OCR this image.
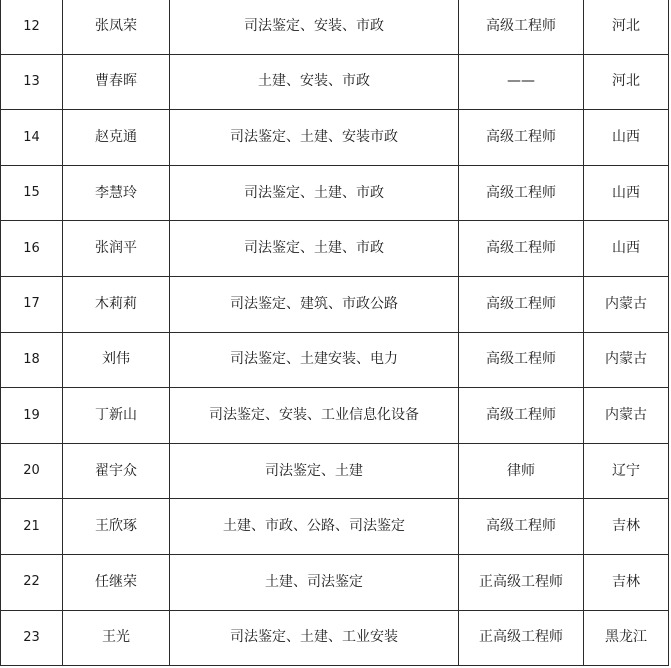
12	张凤荣	司法鉴定、安装、市政	高级工程师	河北
13	曹春晖	土建、安装、市政	——	河北
14	赵克通	司法鉴定、土建、安装市政	高级工程师	山西
15	李慧玲	司法鉴定、土建、市政	高级工程师	山西
16	张润平	司法鉴定、土建、市政	高级工程师	山西
17	木莉莉	司法鉴定、建筑、市政公路	高级工程师	内蒙古
18	刘伟	司法鉴定、土建安装、电力	高级工程师	内蒙古
19	丁新山	司法鉴定、安装、工业信息化设备	高级工程师	内蒙古
20	翟宇众	司法鉴定、土建	律师	辽宁
21	王欣琢	土建、市政、公路、司法鉴定	高级工程师	吉林
22	任继荣	土建、司法鉴定	正高级工程师	吉林
23	王光	司法鉴定、土建、工业安装	正高级工程师	黑龙江
